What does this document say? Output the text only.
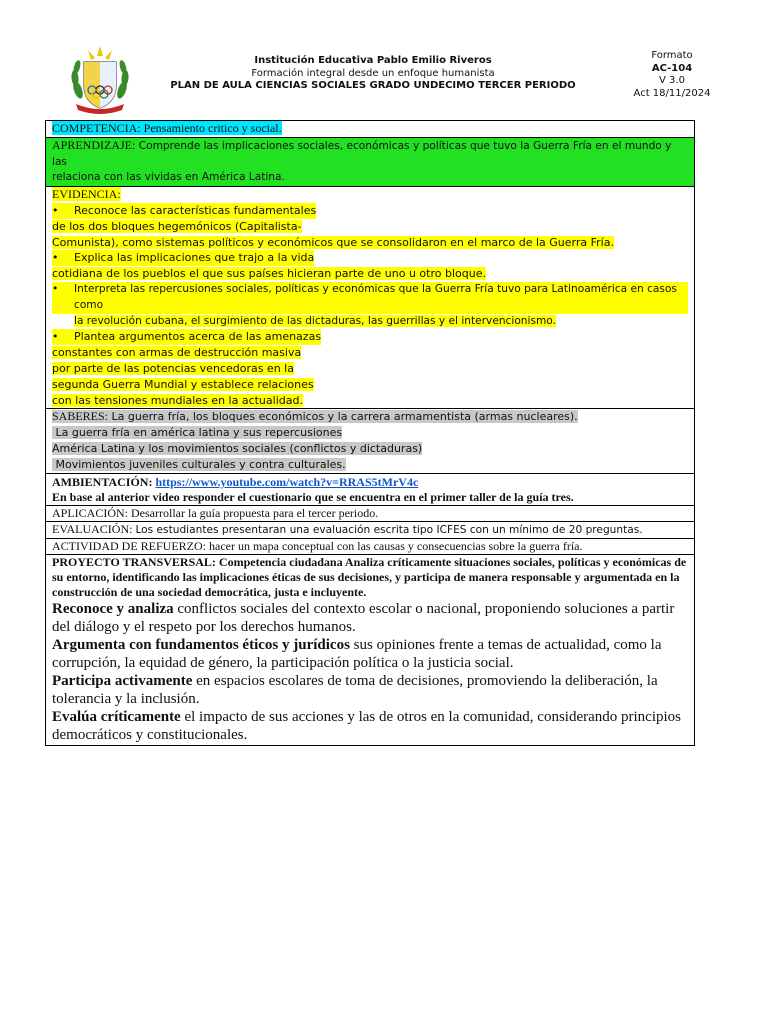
Institución Educativa Pablo Emilio Riveros
Formación integral desde un enfoque humanista
PLAN DE AULA CIENCIAS SOCIALES GRADO UNDECIMO TERCER PERIODO
Formato
AC-104
V 3.0
Act 18/11/2024
COMPETENCIA: Pensamiento critico y social.
APRENDIZAJE: Comprende las implicaciones sociales, económicas y políticas que tuvo la Guerra Fría en el mundo y las
relaciona con las vividas en América Latina.
EVIDENCIA:
•	Reconoce las características fundamentales
de los dos bloques hegemónicos (Capitalista-
Comunista), como sistemas políticos y económicos que se consolidaron en el marco de la Guerra Fría.
•	Explica las implicaciones que trajo a la vida
cotidiana de los pueblos el que sus países hicieran parte de uno u otro bloque.
•	Interpreta las repercusiones sociales, políticas y económicas que la Guerra Fría tuvo para Latinoamérica en casos como
la revolución cubana, el surgimiento de las dictaduras, las guerrillas y el intervencionismo.
•	Plantea argumentos acerca de las amenazas
constantes con armas de destrucción masiva
por parte de las potencias vencedoras en la
segunda Guerra Mundial y establece relaciones
con las tensiones mundiales en la actualidad.
SABERES: La guerra fría, los bloques económicos y la carrera armamentista (armas nucleares).
La guerra fría en américa latina y sus repercusiones
América Latina y los movimientos sociales (conflictos y dictaduras)
Movimientos juveniles culturales y contra culturales.
AMBIENTACIÓN: https://www.youtube.com/watch?v=RRAS5tMrV4c
En base al anterior video responder el cuestionario que se encuentra en el primer taller de la guía tres.
APLICACIÓN: Desarrollar la guía propuesta para el tercer periodo.
EVALUACIÓN: Los estudiantes presentaran una evaluación escrita tipo ICFES con un mínimo de 20 preguntas.
ACTIVIDAD DE REFUERZO: hacer un mapa conceptual con las causas y consecuencias sobre la guerra fría.
PROYECTO TRANSVERSAL: Competencia ciudadana Analiza críticamente situaciones sociales, políticas y económicas de su entorno, identificando las implicaciones éticas de sus decisiones, y participa de manera responsable y argumentada en la construcción de una sociedad democrática, justa e incluyente.
Reconoce y analiza conflictos sociales del contexto escolar o nacional, proponiendo soluciones a partir del diálogo y el respeto por los derechos humanos.
Argumenta con fundamentos éticos y jurídicos sus opiniones frente a temas de actualidad, como la corrupción, la equidad de género, la participación política o la justicia social.
Participa activamente en espacios escolares de toma de decisiones, promoviendo la deliberación, la tolerancia y la inclusión.
Evalúa críticamente el impacto de sus acciones y las de otros en la comunidad, considerando principios democráticos y constitucionales.
